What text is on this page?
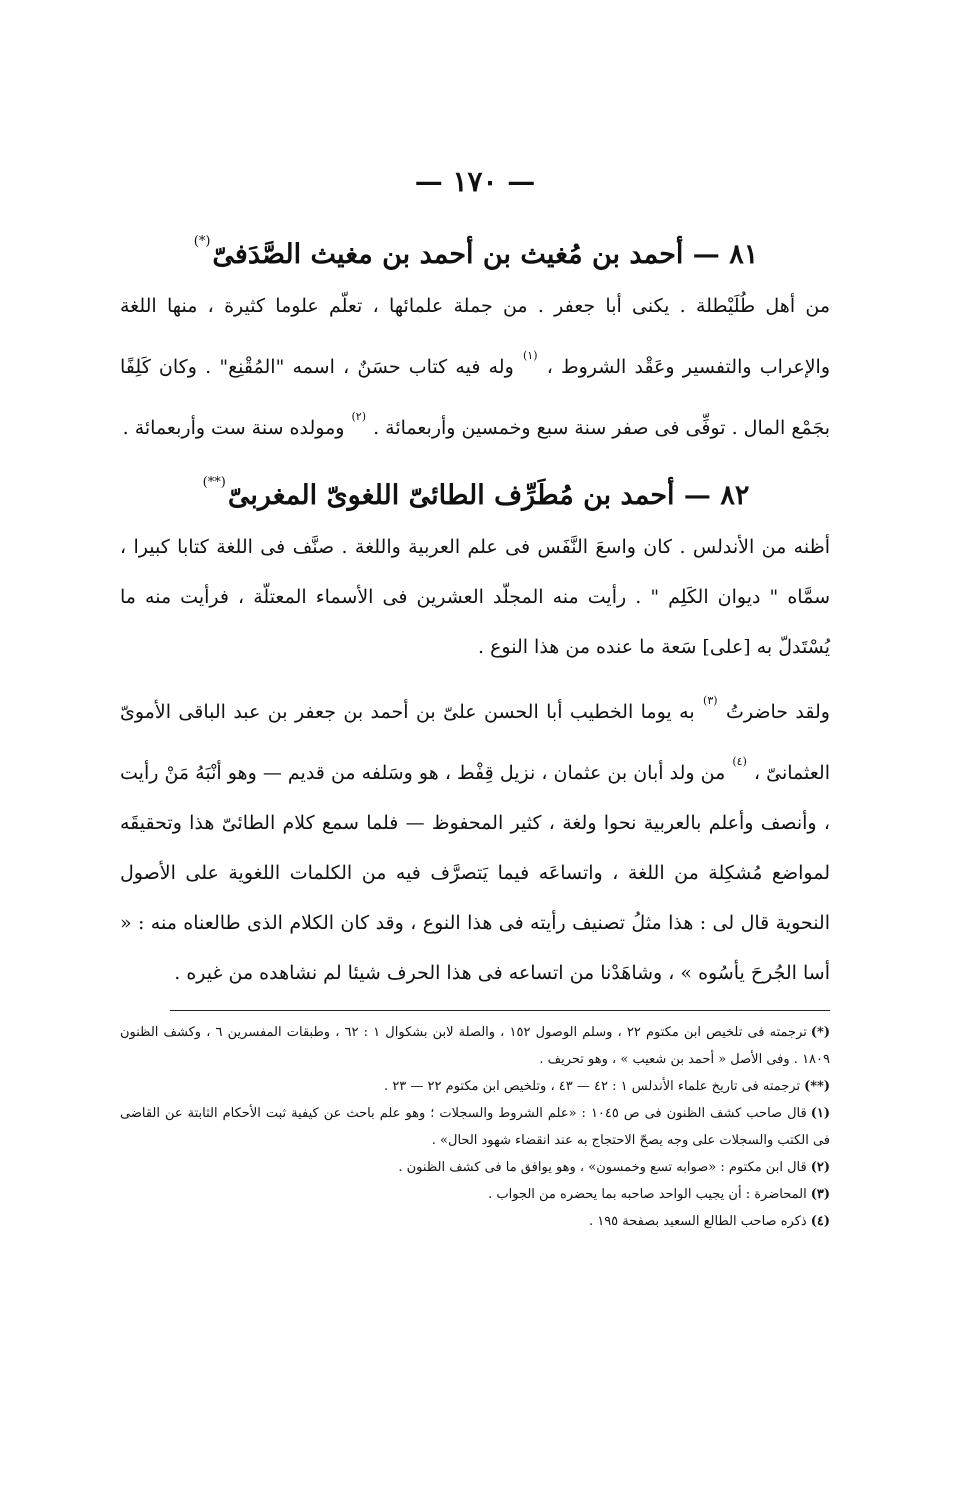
— ١٧٠ —
٨١ — أحمد بن مُغيث بن أحمد بن مغيث الصَّدَفىّ(*)

من أهل طُلَيْطلة . يكنى أبا جعفر . من جملة علمائها ، تعلّم علوما كثيرة ، منها اللغة والإعراب والتفسير وعَقْد الشروط ، $^{(١)}$ وله فيه كتاب حسَنٌ ، اسمه "المُقْنِع" . وكان كَلِفًا بجَمْع المال . توفِّى فى صفر سنة سبع وخمسين وأربعمائة . $^{(٢)}$ ومولده سنة ست وأربعمائة .

٨٢ — أحمد بن مُطَرِّف الطائىّ اللغوىّ المغربىّ(**)

أظنه من الأندلس . كان واسعَ النَّفَس فى علم العربية واللغة . صنَّف فى اللغة كتابا كبيرا ، سمَّاه " ديوان الكَلِم " . رأيت منه المجلّد العشرين فى الأسماء المعتلّة ، فرأيت منه ما يُسْتَدلّ به [على] سَعة ما عنده من هذا النوع .

ولقد حاضرتُ $^{(٣)}$ به يوما الخطيب أبا الحسن علىّ بن أحمد بن جعفر بن عبد الباقى الأموىّ العثمانىّ ، $^{(٤)}$ من ولد أبان بن عثمان ، نزيل قِفْط ، هو وسَلفه من قديم — وهو أنْبَهُ مَنْ رأيت ، وأنصف وأعلم بالعربية نحوا ولغة ، كثير المحفوظ — فلما سمع كلام الطائىّ هذا وتحقيقَه لمواضع مُشكِلة من اللغة ، واتساعَه فيما يَتصرَّف فيه من الكلمات اللغوية على الأصول النحوية قال لى : هذا مثلُ تصنيف رأيته فى هذا النوع ، وقد كان الكلام الذى طالعناه منه : « أسا الجُرحَ يأسُوه » ، وشاهَدْنا من اتساعه فى هذا الحرف شيئا لم نشاهده من غيره .

(*)ترجمته فى تلخيص ابن مكتوم ٢٢ ، وسلم الوصول ١٥٢ ، والصلة لابن بشكوال ١ : ٦٢ ، وطبقات المفسرين ٦ ، وكشف الظنون ١٨٠٩ . وفى الأصل « أحمد بن شعيب » ، وهو تحريف .

(**)ترجمته فى تاريخ علماء الأندلس ١ : ٤٢ — ٤٣ ، وتلخيص ابن مكتوم ٢٢ — ٢٣ .

(١)قال صاحب كشف الظنون فى ص ١٠٤٥ : «علم الشروط والسجلات ؛ وهو علم باحث عن كيفية ثبت الأحكام الثابتة عن القاضى فى الكتب والسجلات على وجه يصحّ الاحتجاج به عند انقضاء شهود الحال» .

(٢)قال ابن مكتوم : «صوابه تسع وخمسون» ، وهو يوافق ما فى كشف الظنون .

(٣)المحاضرة : أن يجيب الواحد صاحبه بما يحضره من الجواب .

(٤)ذكره صاحب الطالع السعيد بصفحة ١٩٥ .
